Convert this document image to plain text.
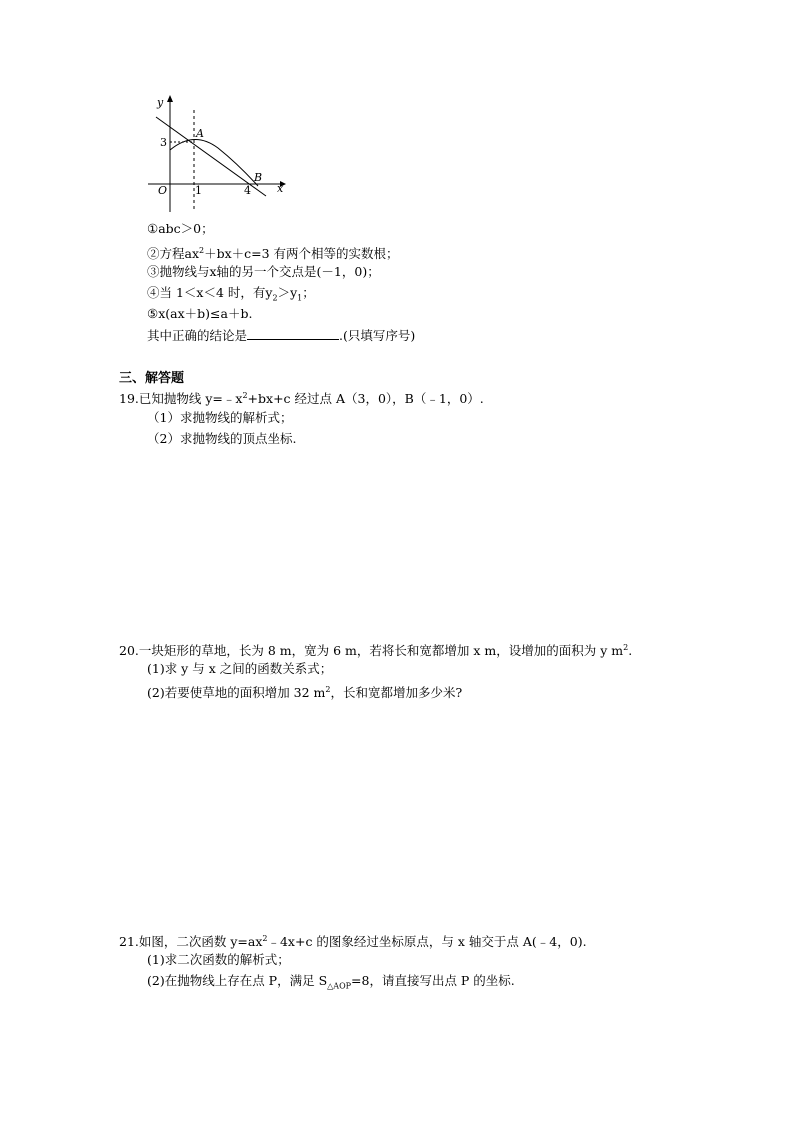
y
x
O
3
1	4
A
B
①abc＞0；
②方程$ax^2+bx+c=3$ 有两个相等的实数根；
③抛物线与x轴的另一个交点是(－1，0)；
④当 1＜x＜4 时，有$y_2>y_1$；
⑤x(ax＋b)≤a＋b.
其中正确的结论是	.(只填写序号)
三、解答题
19.已知抛物线 $y=﹣x^2+bx+c$ 经过点 A（3，0），B（﹣1，0）.
（1）求抛物线的解析式；
（2）求抛物线的顶点坐标.
20.一块矩形的草地，长为 8 m，宽为 6 m，若将长和宽都增加 x m，设增加的面积为 y $m^2$.
(1)求 y 与 x 之间的函数关系式；
(2)若要使草地的面积增加 32 $m^2$，长和宽都增加多少米?
21.如图，二次函数 $y=ax^2﹣4x+c$ 的图象经过坐标原点，与 x 轴交于点 A(﹣4，0).
(1)求二次函数的解析式；
(2)在抛物线上存在点 P，满足 $S_{\triangle AOP}=8$，请直接写出点 P 的坐标.
